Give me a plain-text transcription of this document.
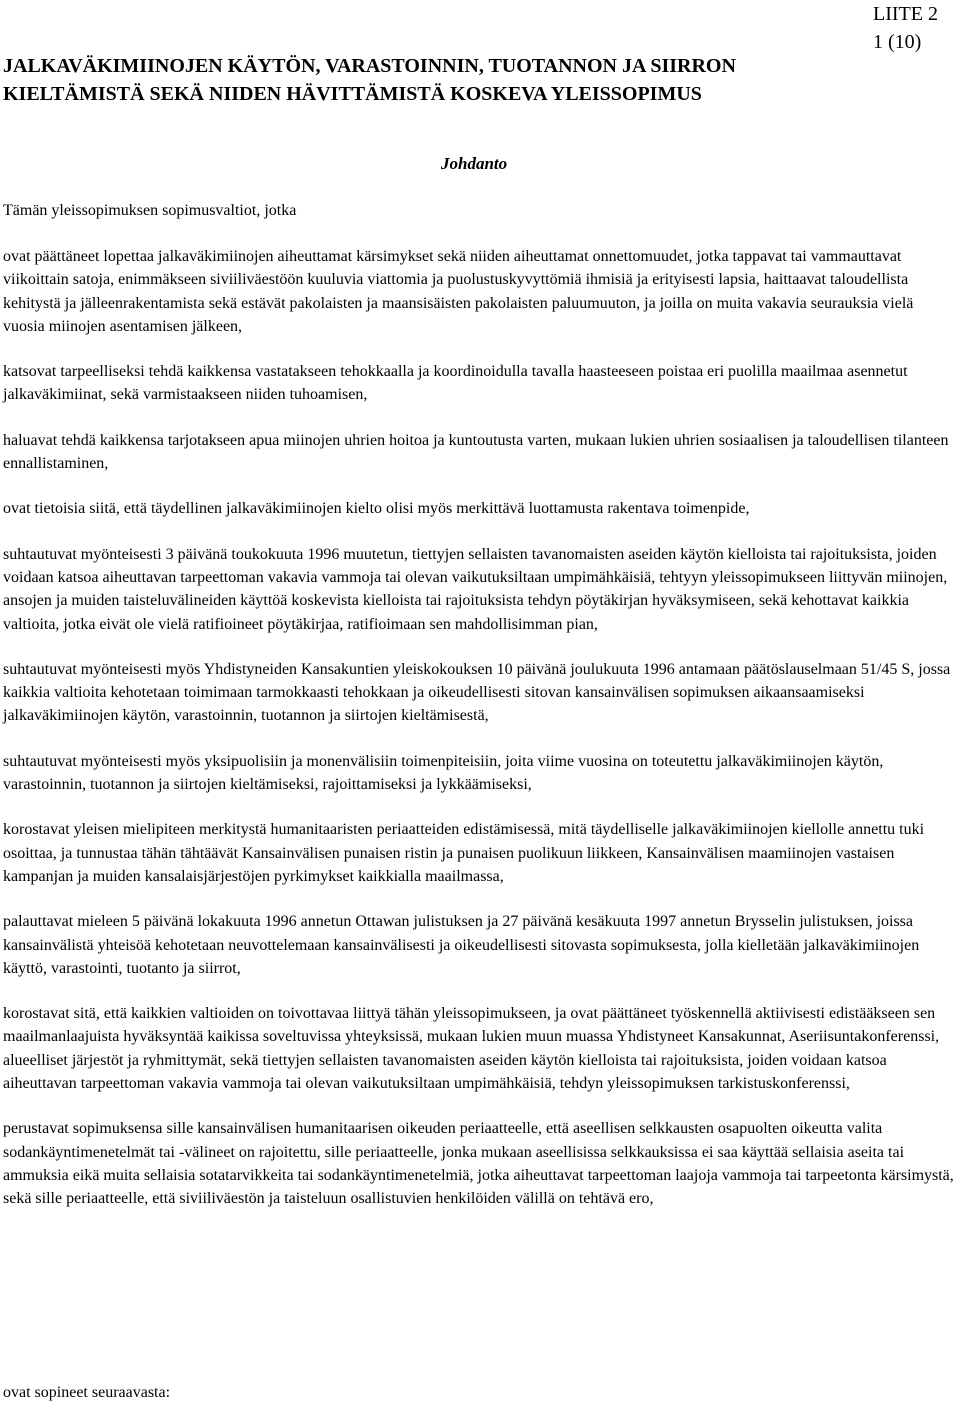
LIITE 2
1 (10)
JALKAVÄKIMIINOJEN KÄYTÖN, VARASTOINNIN, TUOTANNON JA SIIRRON
KIELTÄMISTÄ SEKÄ NIIDEN HÄVITTÄMISTÄ KOSKEVA YLEISSOPIMUS
Johdanto

Tämän yleissopimuksen sopimusvaltiot, jotka

ovat päättäneet lopettaa jalkaväkimiinojen aiheuttamat kärsimykset sekä niiden aiheuttamat onnettomuudet, jotka tappavat tai vammauttavat viikoittain satoja, enimmäkseen siviiliväestöön kuuluvia viattomia ja puolustuskyvyttömiä ihmisiä ja erityisesti lapsia, haittaavat taloudellista kehitystä ja jälleenrakentamista sekä estävät pakolaisten ja maansisäisten pakolaisten paluumuuton, ja joilla on muita vakavia seurauksia vielä vuosia miinojen asentamisen jälkeen,

katsovat tarpeelliseksi tehdä kaikkensa vastatakseen tehokkaalla ja koordinoidulla tavalla haasteeseen poistaa eri puolilla maailmaa asennetut jalkaväkimiinat, sekä varmistaakseen niiden tuhoamisen,

haluavat tehdä kaikkensa tarjotakseen apua miinojen uhrien hoitoa ja kuntoutusta varten, mukaan lukien uhrien sosiaalisen ja taloudellisen tilanteen ennallistaminen,

ovat tietoisia siitä, että täydellinen jalkaväkimiinojen kielto olisi myös merkittävä luottamusta rakentava toimenpide,

suhtautuvat myönteisesti 3 päivänä toukokuuta 1996 muutetun, tiettyjen sellaisten tavanomaisten aseiden käytön kielloista tai rajoituksista, joiden voidaan katsoa aiheuttavan tarpeettoman vakavia vammoja tai olevan vaikutuksiltaan umpimähkäisiä, tehtyyn yleissopimukseen liittyvän miinojen, ansojen ja muiden taisteluvälineiden käyttöä koskevista kielloista tai rajoituksista tehdyn pöytäkirjan hyväksymiseen, sekä kehottavat kaikkia valtioita, jotka eivät ole vielä ratifioineet pöytäkirjaa, ratifioimaan sen mahdollisimman pian,

suhtautuvat myönteisesti myös Yhdistyneiden Kansakuntien yleiskokouksen 10 päivänä joulukuuta 1996 antamaan päätöslauselmaan 51/45 S, jossa kaikkia valtioita kehotetaan toimimaan tarmokkaasti tehokkaan ja oikeudellisesti sitovan kansainvälisen sopimuksen aikaansaamiseksi jalkaväkimiinojen käytön, varastoinnin, tuotannon ja siirtojen kieltämisestä,

suhtautuvat myönteisesti myös yksipuolisiin ja monenvälisiin toimenpiteisiin, joita viime vuosina on toteutettu jalkaväkimiinojen käytön, varastoinnin, tuotannon ja siirtojen kieltämiseksi, rajoittamiseksi ja lykkäämiseksi,

korostavat yleisen mielipiteen merkitystä humanitaaristen periaatteiden edistämisessä, mitä täydelliselle jalkaväkimiinojen kiellolle annettu tuki osoittaa, ja tunnustaa tähän tähtäävät Kansainvälisen punaisen ristin ja punaisen puolikuun liikkeen, Kansainvälisen maamiinojen vastaisen kampanjan ja muiden kansalaisjärjestöjen pyrkimykset kaikkialla maailmassa,

palauttavat mieleen 5 päivänä lokakuuta 1996 annetun Ottawan julistuksen ja 27 päivänä kesäkuuta 1997 annetun Brysselin julistuksen, joissa kansainvälistä yhteisöä kehotetaan neuvottelemaan kansainvälisesti ja oikeudellisesti sitovasta sopimuksesta, jolla kielletään jalkaväkimiinojen käyttö, varastointi, tuotanto ja siirrot,

korostavat sitä, että kaikkien valtioiden on toivottavaa liittyä tähän yleissopimukseen, ja ovat päättäneet työskennellä aktiivisesti edistääkseen sen maailmanlaajuista hyväksyntää kaikissa soveltuvissa yhteyksissä, mukaan lukien muun muassa Yhdistyneet Kansakunnat, Aseriisuntakonferenssi, alueelliset järjestöt ja ryhmittymät, sekä tiettyjen sellaisten tavanomaisten aseiden käytön kielloista tai rajoituksista, joiden voidaan katsoa aiheuttavan tarpeettoman vakavia vammoja tai olevan vaikutuksiltaan umpimähkäisiä, tehdyn yleissopimuksen tarkistuskonferenssi,

perustavat sopimuksensa sille kansainvälisen humanitaarisen oikeuden periaatteelle, että aseellisen selkkausten osapuolten oikeutta valita sodankäyntimenetelmät tai -välineet on rajoitettu, sille periaatteelle, jonka mukaan aseellisissa selkkauksissa ei saa käyttää sellaisia aseita tai ammuksia eikä muita sellaisia sotatarvikkeita tai sodankäyntimenetelmiä, jotka aiheuttavat tarpeettoman laajoja vammoja tai tarpeetonta kärsimystä, sekä sille periaatteelle, että siviiliväestön ja taisteluun osallistuvien henkilöiden välillä on tehtävä ero,

ovat sopineet seuraavasta:
